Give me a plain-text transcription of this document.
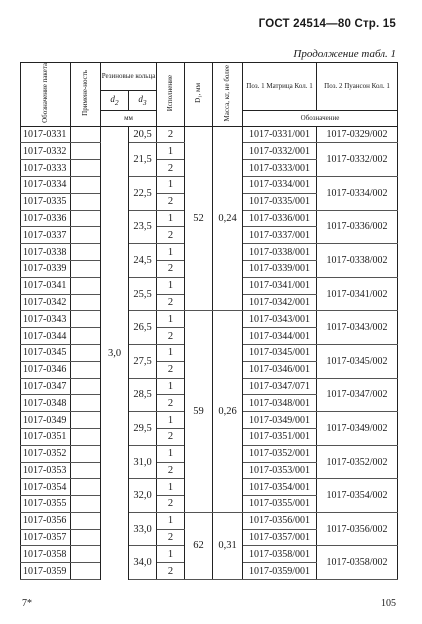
ГОСТ 24514—80 Стр. 15
Продолжение табл. 1
Обозначение пакета	Примене-ность	Резиновые кольца		Исполнение	D₁, мм	Масса, кг, не более	Поз. 1 Матрица Кол. 1	Поз. 2 Пуансон Кол. 1
		$d_2$	$d_3$
		мм					Обозначение	
1017-0331		3,0	20,5	2	52	0,24	1017-0331/001	1017-0329/002
1017-0332			21,5	1			1017-0332/001	1017-0332/002
1017-0333				2			1017-0333/001	
1017-0334			22,5	1			1017-0334/001	1017-0334/002
1017-0335				2			1017-0335/001	
1017-0336			23,5	1			1017-0336/001	1017-0336/002
1017-0337				2			1017-0337/001	
1017-0338			24,5	1			1017-0338/001	1017-0338/002
1017-0339				2			1017-0339/001	
1017-0341			25,5	1			1017-0341/001	1017-0341/002
1017-0342				2			1017-0342/001	
1017-0343			26,5	1	59	0,26	1017-0343/001	1017-0343/002
1017-0344				2			1017-0344/001	
1017-0345			27,5	1			1017-0345/001	1017-0345/002
1017-0346				2			1017-0346/001	
1017-0347			28,5	1			1017-0347/071	1017-0347/002
1017-0348				2			1017-0348/001	
1017-0349			29,5	1			1017-0349/001	1017-0349/002
1017-0351				2			1017-0351/001	
1017-0352			31,0	1			1017-0352/001	1017-0352/002
1017-0353				2			1017-0353/001	
1017-0354			32,0	1			1017-0354/001	1017-0354/002
1017-0355				2			1017-0355/001	
1017-0356			33,0	1	62	0,31	1017-0356/001	1017-0356/002
1017-0357				2			1017-0357/001	
1017-0358			34,0	1			1017-0358/001	1017-0358/002
1017-0359				2			1017-0359/001	
7*	105
